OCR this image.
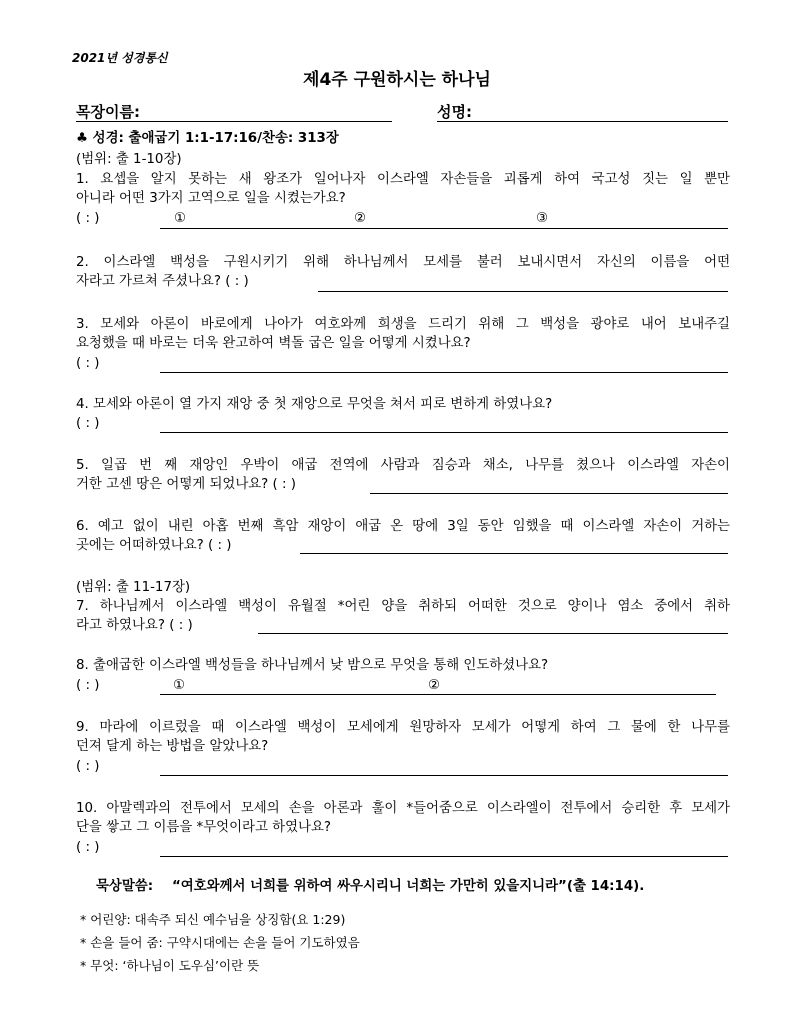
2021년 성경통신
제4주 구원하시는 하나님
목장이름:	성명:
♣ 성경: 출애굽기 1:1-17:16/찬송: 313장
(범위: 출 1-10장)
1. 요셉을 알지 못하는 새 왕조가 일어나자 이스라엘 자손들을 괴롭게 하여 국고성 짓는 일 뿐만
아니라 어떤 3가지 고역으로 일을 시켰는가요?
( : )	①	②	③
2. 이스라엘 백성을 구원시키기 위해 하나님께서 모세를 불러 보내시면서 자신의 이름을 어떤
자라고 가르쳐 주셨나요? ( : )
3. 모세와 아론이 바로에게 나아가 여호와께 희생을 드리기 위해 그 백성을 광야로 내어 보내주길
요청했을 때 바로는 더욱 완고하여 벽돌 굽은 일을 어떻게 시켰나요?
( : )
4. 모세와 아론이 열 가지 재앙 중 첫 재앙으로 무엇을 쳐서 피로 변하게 하였나요?
( : )
5. 일곱 번 째 재앙인 우박이 애굽 전역에 사람과 짐승과 채소, 나무를 쳤으나 이스라엘 자손이
거한 고센 땅은 어떻게 되었나요? ( : )
6. 예고 없이 내린 아홉 번째 흑암 재앙이 애굽 온 땅에 3일 동안 임했을 때 이스라엘 자손이 거하는
곳에는 어떠하였나요? ( : )
(범위: 출 11-17장)
7. 하나님께서 이스라엘 백성이 유월절 *어린 양을 취하되 어떠한 것으로 양이나 염소 중에서 취하
라고 하였나요? ( : )
8. 출애굽한 이스라엘 백성들을 하나님께서 낮 밤으로 무엇을 통해 인도하셨나요?
( : )	①	②
9. 마라에 이르렀을 때 이스라엘 백성이 모세에게 원망하자 모세가 어떻게 하여 그 물에 한 나무를
던져 달게 하는 방법을 알았나요?
( : )
10. 아말렉과의 전투에서 모세의 손을 아론과 훌이 *들어줌으로 이스라엘이 전투에서 승리한 후 모세가
단을 쌓고 그 이름을 *무엇이라고 하였나요?
( : )
묵상말씀: “여호와께서 너희를 위하여 싸우시리니 너희는 가만히 있을지니라”(출 14:14).
* 어린양: 대속주 되신 예수님을 상징함(요 1:29)
* 손을 들어 줌: 구약시대에는 손을 들어 기도하였음
* 무엇: ‘하나님이 도우심’이란 뜻
